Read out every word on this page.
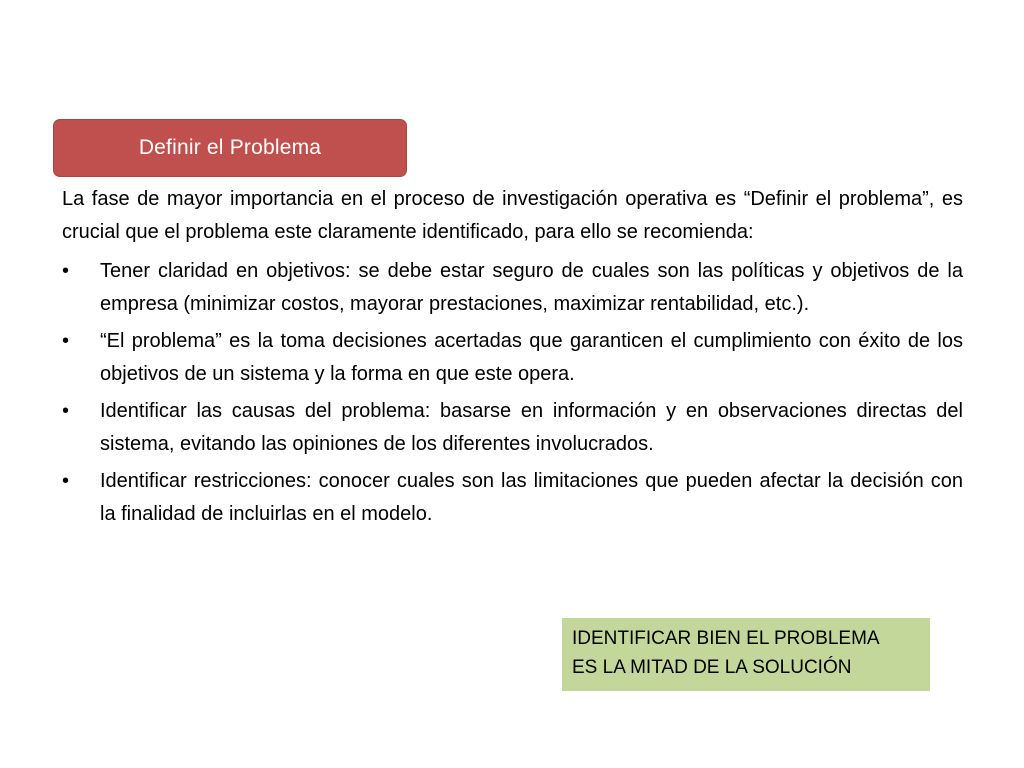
Definir el Problema

La fase de mayor importancia en el proceso de investigación operativa es “Definir el problema”, es crucial que el problema este claramente identificado, para ello se recomienda:

•	Tener claridad en objetivos: se debe estar seguro de cuales son las políticas y objetivos de la empresa (minimizar costos, mayorar prestaciones, maximizar rentabilidad, etc.).
•	“El problema” es la toma decisiones acertadas que garanticen el cumplimiento con éxito de los objetivos de un sistema y la forma en que este opera.
•	Identificar las causas del problema: basarse en información y en observaciones directas del sistema, evitando las opiniones de los diferentes involucrados.
•	Identificar restricciones: conocer cuales son las limitaciones que pueden afectar la decisión con la finalidad de incluirlas en el modelo.
IDENTIFICAR BIEN EL PROBLEMA
ES LA MITAD DE LA SOLUCIÓN
